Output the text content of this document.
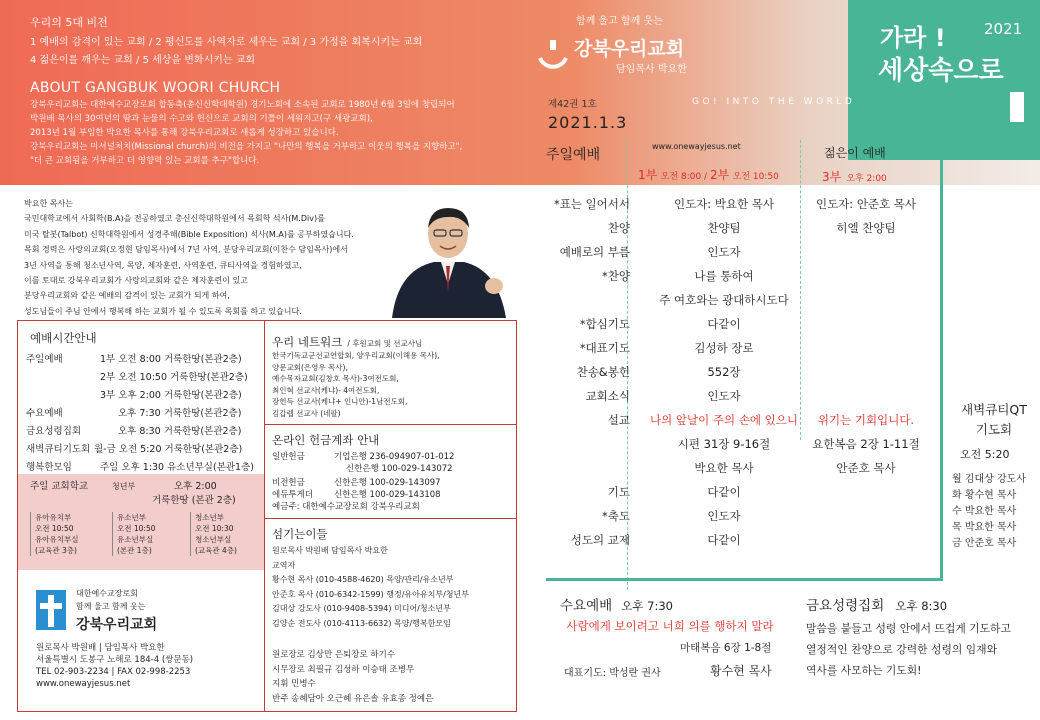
우리의 5대 비전
1 예배의 감격이 있는 교회 / 2 평신도를 사역자로 세우는 교회 / 3 가정을 회복시키는 교회
4 젊은이를 깨우는 교회 / 5 세상을 변화시키는 교회
ABOUT GANGBUK WOORI CHURCH
강북우리교회는 대한예수교장로회 합동측(총신신학대학원) 경기노회에 소속된 교회로 1980년 6월 3일에 창립되어
박원배 목사의 30여년의 땀과 눈물의 수고와 헌신으로 교회의 기틀이 세워지고(구 세광교회),
2013년 1월 부임한 박요한 목사를 통해 강북우리교회로 새롭게 성장하고 있습니다.
강북우리교회는 미셔널처치(Missional church)의 비전을 가지고 "나만의 행복을 거부하고 이웃의 행복을 지향하고",
"더 큰 교회됨을 거부하고 더 영향력 있는 교회를 추구"합니다.
함께 울고 함께 웃는
강북우리교회
담임목사 박요한
제42권 1호
2021.1.3
가라 !
세상속으로
2021
GO! INTO THE WORLD
주일예배
www.onewayjesus.net
1부 오전 8:00 / 2부 오전 10:50
젊은이 예배
3부 오후 2:00
*표는 일어서서	인도자: 박요한 목사	인도자: 안준호 목사
찬양	찬양팀	히엘 찬양팀
예배로의 부름	인도자
*찬양	나를 통하여
주 여호와는 광대하시도다
*합심기도	다같이
*대표기도	김성하 장로
찬송&봉헌	552장
교회소식	인도자
설교	나의 앞날이 주의 손에 있으니	위기는 기회입니다.
시편 31장 9-16절	요한복음 2장 1-11절
박요한 목사	안준호 목사
기도	다같이
*축도	인도자
성도의 교제	다같이
새벽큐티QT
기도회
오전 5:20
월 김대상 강도사
화 황수현 목사
수 박요한 목사
목 박요한 목사
금 안준호 목사
수요예배 오후 7:30
사람에게 보이려고 너희 의를 행하지 말라
마태복음 6장 1-8절
대표기도: 박성란 권사	황수현 목사
금요성령집회 오후 8:30
말씀을 붙들고 성령 안에서 뜨겁게 기도하고
열정적인 찬양으로 강력한 성령의 임재와
역사를 사모하는 기도회!
박요한 목사는
국민대학교에서 사회학(B.A)을 전공하였고 총신신학대학원에서 목회학 석사(M.Div)를
미국 탈봇(Talbot) 신학대학원에서 성경주해(Bible Exposition) 석사(M.A)를 공부하였습니다.
목회 경력은 사랑의교회(오정현 담임목사)에서 7년 사역, 분당우리교회(이찬수 담임목사)에서
3년 사역을 통해 청소년사역, 목양, 제자훈련, 사역훈련, 큐티사역을 경험하였고,
이를 토대로 강북우리교회가 사랑의교회와 같은 제자훈련이 있고
분당우리교회와 같은 예배의 감격이 있는 교회가 되게 하여,
성도님들이 주님 안에서 행복해 하는 교회가 될 수 있도록 목회를 하고 있습니다.
예배시간안내
주일예배	1부 오전 8:00 거룩한땅(본관2층)
2부 오전 10:50 거룩한땅(본관2층)
3부 오후 2:00 거룩한땅(본관2층)
수요예배	오후 7:30 거룩한땅(본관2층)
금요성령집회	오후 8:30 거룩한땅(본관2층)
새벽큐티기도회 월-금 오전 5:20 거룩한땅(본관2층)
행복한모임	주일 오후 1:30 유소년부실(본관1층)
주일 교회학교	청년부	오후 2:00
거룩한땅 (본관 2층)
유아유치부
오전 10:50
유아유치부실
(교육관 3층)
유소년부
오전 10:50
유소년부실
(본관 1층)
청소년부
오전 10:30
청소년부실
(교육관 4층)
대한예수교장로회
함께 울고 함께 웃는
강북우리교회
원로목사 박원배 | 담임목사 박요한
서울특별시 도봉구 노해로 184-4 (쌍문동)
TEL 02-903-2234 | FAX 02-998-2253
www.onewayjesus.net
우리 네트워크 / 후원교회 및 선교사님
한국기독교군선교연합회, 양우리교회(이해용 목사),
양문교회(은영우 목사),
예수목자교회(김창호 목사)-3여전도회,
최인혁 선교사(케냐)- 4여전도회,
장헌득 선교사(케냐+ 인니안)-1남전도회,
김갑렙 선교사 (네팔)
온라인 헌금계좌 안내
일반헌금	기업은행 236-094907-01-012
신한은행 100-029-143072
비전헌금	신한은행 100-029-143097
에듀투게더 신한은행 100-029-143108
예금주: 대한예수교장로회 강북우리교회
섬기는이들
원로목사 박원배 담임목사 박요한
교역자
황수현 목사 (010-4588-4620) 목양/관리/유소년부
안준호 목사 (010-6342-1599) 행정/유아유치부/청년부
김대상 강도사 (010-9408-5394) 미디어/청소년부
김양순 전도사 (010-4113-6632) 목양/행복한모임
원로장로 김상만 은퇴장로 하기수
시무장로 최필규 김성하 이승태 조병무
지휘 민병수
반주 송혜담아 오근혜 유은솔 유효종 정예은
